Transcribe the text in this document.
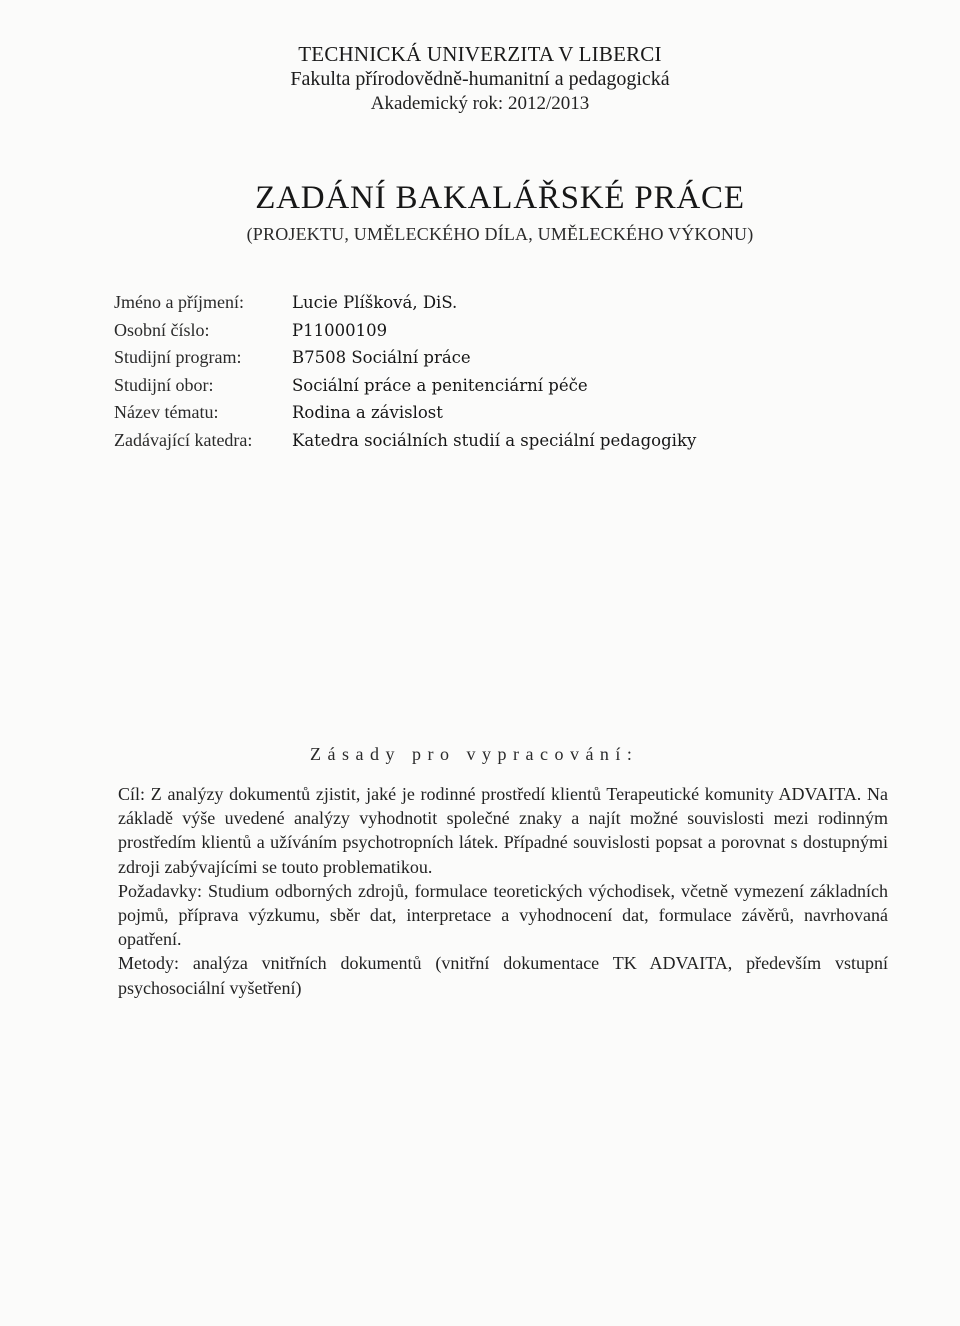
TECHNICKÁ UNIVERZITA V LIBERCI
Fakulta přírodovědně-humanitní a pedagogická
Akademický rok: 2012/2013
ZADÁNÍ BAKALÁŘSKÉ PRÁCE
(PROJEKTU, UMĚLECKÉHO DÍLA, UMĚLECKÉHO VÝKONU)
Jméno a příjmení:	Lucie Plíšková, DiS.
Osobní číslo:	P11000109
Studijní program:	B7508 Sociální práce
Studijní obor:	Sociální práce a penitenciární péče
Název tématu:	Rodina a závislost
Zadávající katedra:	Katedra sociálních studií a speciální pedagogiky
Zásady pro vypracování:

Cíl: Z analýzy dokumentů zjistit, jaké je rodinné prostředí klientů Terapeutické komunity ADVAITA. Na základě výše uvedené analýzy vyhodnotit společné znaky a najít možné souvislosti mezi rodinným prostředím klientů a užíváním psychotropních látek. Případné souvislosti popsat a porovnat s dostupnými zdroji zabývajícími se touto problematikou.

Požadavky: Studium odborných zdrojů, formulace teoretických východisek, včetně vymezení základních pojmů, příprava výzkumu, sběr dat, interpretace a vyhodnocení dat, formulace závěrů, navrhovaná opatření.

Metody: analýza vnitřních dokumentů (vnitřní dokumentace TK ADVAITA, především vstupní psychosociální vyšetření)
